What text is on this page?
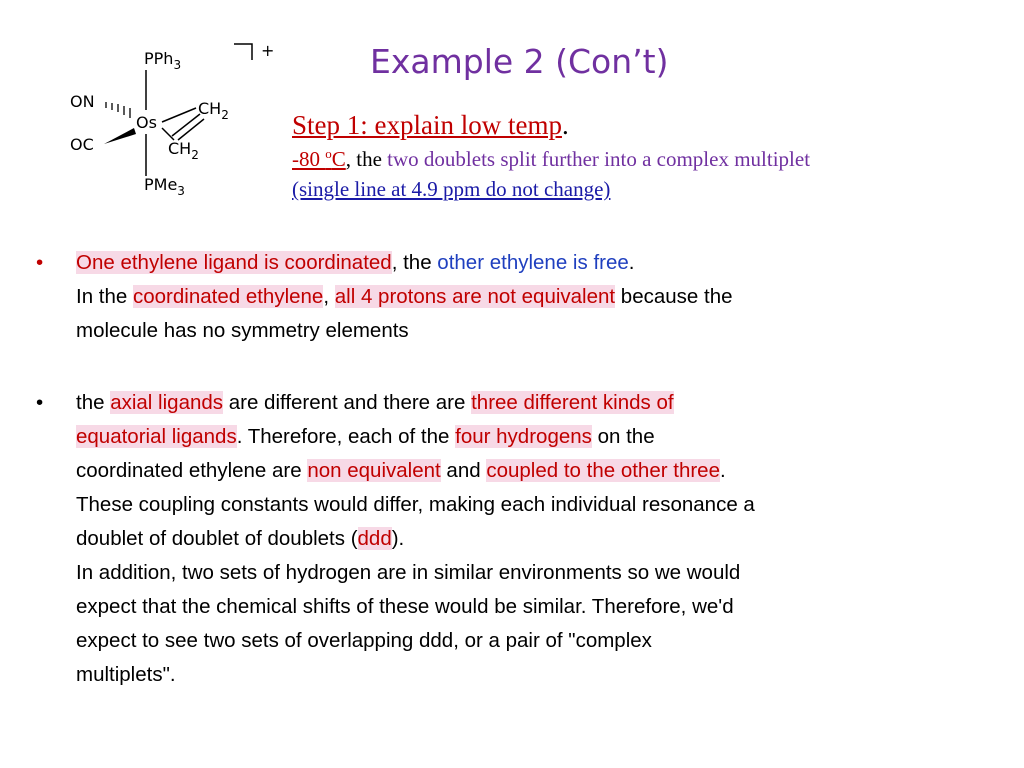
Example 2 (Con’t)
+
PPh$_3$
Os
ON
OC
$CH_2$
$CH_2$
PMe$_3$
Step 1: explain low temp.
-80 $^o$C, the two doublets split further into a complex multiplet
(single line at 4.9 ppm do not change)
• One ethylene ligand is coordinated, the other ethylene is free.
In the coordinated ethylene, all 4 protons are not equivalent because the
molecule has no symmetry elements
• the axial ligands are different and there are three different kinds of
equatorial ligands. Therefore, each of the four hydrogens on the
coordinated ethylene are non equivalent and coupled to the other three.
These coupling constants would differ, making each individual resonance a
doublet of doublet of doublets (ddd).
In addition, two sets of hydrogen are in similar environments so we would
expect that the chemical shifts of these would be similar. Therefore, we'd
expect to see two sets of overlapping ddd, or a pair of "complex
multiplets".
